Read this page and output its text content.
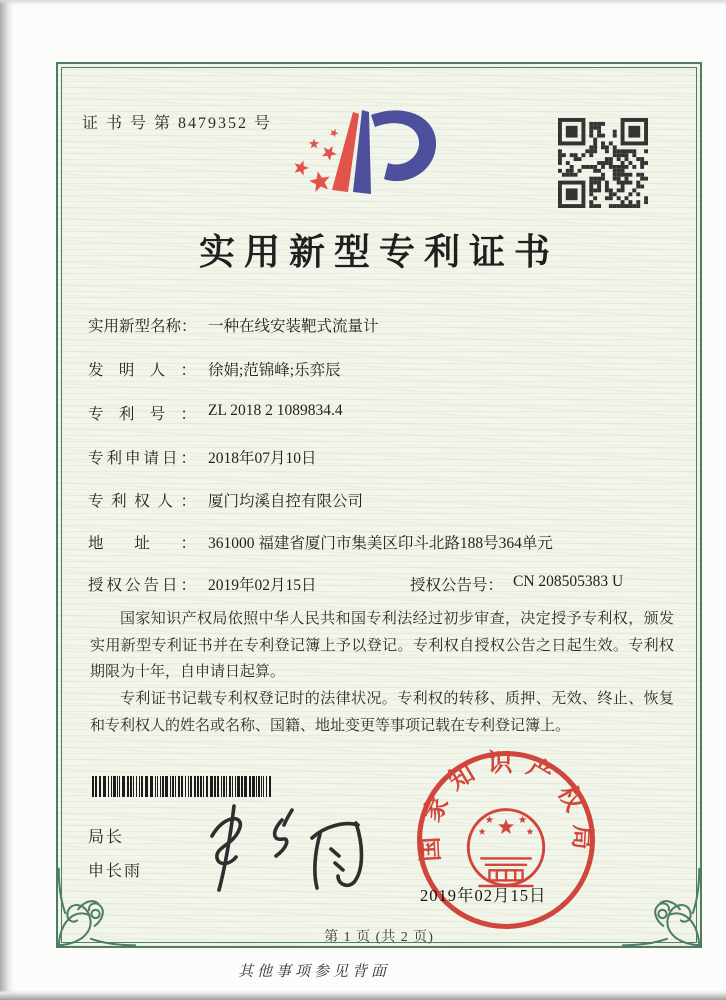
证 书 号 第 8479352 号
实用新型专利证书
实用新型名称： 一种在线安装靶式流量计
发明人： 徐娟;范锦峰;乐弈辰
专利号： ZL 2018 2 1089834.4
专利申请日： 2018年07月10日
专利权人： 厦门均溪自控有限公司
地址： 361000 福建省厦门市集美区印斗北路188号364单元
授权公告日： 2019年02月15日	授权公告号： CN 208505383 U

国家知识产权局依照中华人民共和国专利法经过初步审查，决定授予专利权，颁发实用新型专利证书并在专利登记簿上予以登记。专利权自授权公告之日起生效。专利权期限为十年，自申请日起算。

专利证书记载专利权登记时的法律状况。专利权的转移、质押、无效、终止、恢复和专利权人的姓名或名称、国籍、地址变更等事项记载在专利登记簿上。

局长
申长雨
2019年02月15日
国家知识产权局
第 1 页 (共 2 页)
其他事项参见背面
